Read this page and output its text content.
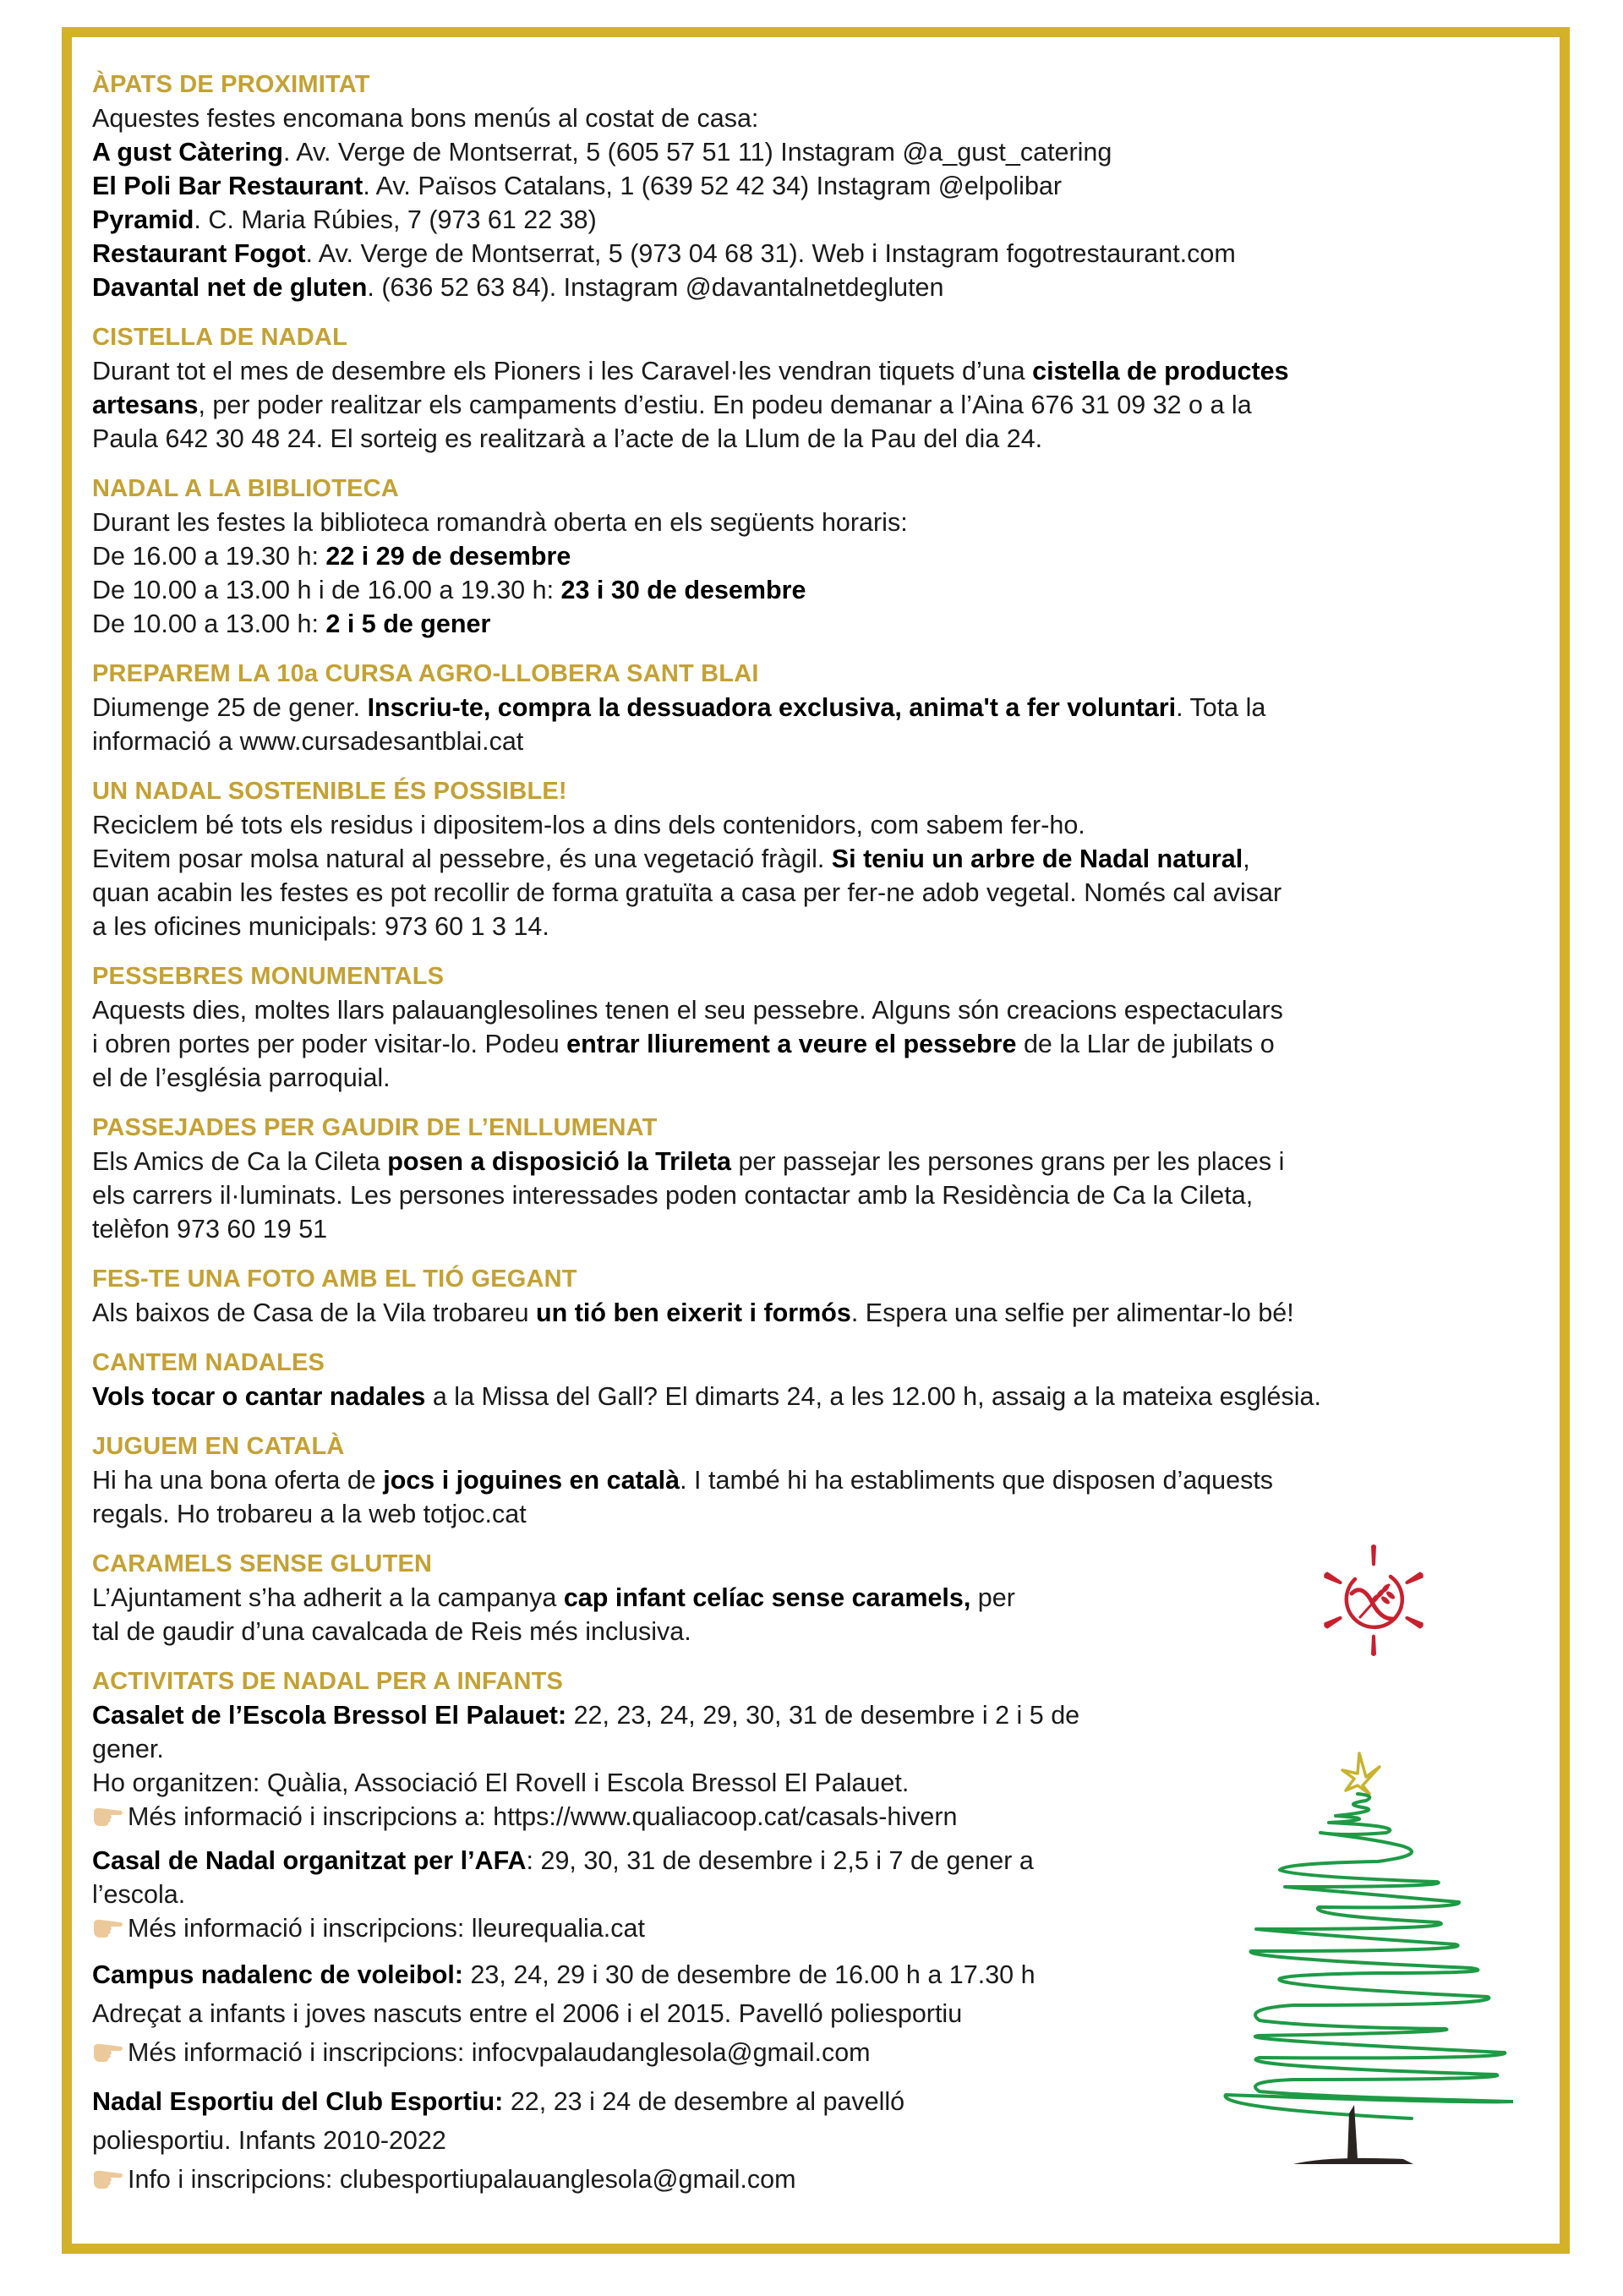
ÀPATS DE PROXIMITAT
Aquestes festes encomana bons menús al costat de casa:
A gust Càtering. Av. Verge de Montserrat, 5 (605 57 51 11) Instagram @a_gust_catering
El Poli Bar Restaurant. Av. Països Catalans, 1 (639 52 42 34) Instagram @elpolibar
Pyramid. C. Maria Rúbies, 7 (973 61 22 38)
Restaurant Fogot. Av. Verge de Montserrat, 5 (973 04 68 31). Web i Instagram fogotrestaurant.com
Davantal net de gluten. (636 52 63 84). Instagram @davantalnetdegluten
CISTELLA DE NADAL
Durant tot el mes de desembre els Pioners i les Caravel·les vendran tiquets d’una cistella de productes
artesans, per poder realitzar els campaments d’estiu. En podeu demanar a l’Aina 676 31 09 32 o a la
Paula 642 30 48 24. El sorteig es realitzarà a l’acte de la Llum de la Pau del dia 24.
NADAL A LA BIBLIOTECA
Durant les festes la biblioteca romandrà oberta en els següents horaris:
De 16.00 a 19.30 h: 22 i 29 de desembre
De 10.00 a 13.00 h i de 16.00 a 19.30 h: 23 i 30 de desembre
De 10.00 a 13.00 h: 2 i 5 de gener
PREPAREM LA 10a CURSA AGRO-LLOBERA SANT BLAI
Diumenge 25 de gener. Inscriu-te, compra la dessuadora exclusiva, anima't a fer voluntari. Tota la
informació a www.cursadesantblai.cat
UN NADAL SOSTENIBLE ÉS POSSIBLE!
Reciclem bé tots els residus i dipositem-los a dins dels contenidors, com sabem fer-ho.
Evitem posar molsa natural al pessebre, és una vegetació fràgil. Si teniu un arbre de Nadal natural,
quan acabin les festes es pot recollir de forma gratuïta a casa per fer-ne adob vegetal. Només cal avisar
a les oficines municipals: 973 60 1 3 14.
PESSEBRES MONUMENTALS
Aquests dies, moltes llars palauanglesolines tenen el seu pessebre. Alguns són creacions espectaculars
i obren portes per poder visitar-lo. Podeu entrar lliurement a veure el pessebre de la Llar de jubilats o
el de l’església parroquial.
PASSEJADES PER GAUDIR DE L’ENLLUMENAT
Els Amics de Ca la Cileta posen a disposició la Trileta per passejar les persones grans per les places i
els carrers il·luminats. Les persones interessades poden contactar amb la Residència de Ca la Cileta,
telèfon 973 60 19 51
FES-TE UNA FOTO AMB EL TIÓ GEGANT
Als baixos de Casa de la Vila trobareu un tió ben eixerit i formós. Espera una selfie per alimentar-lo bé!
CANTEM NADALES
Vols tocar o cantar nadales a la Missa del Gall? El dimarts 24, a les 12.00 h, assaig a la mateixa església.
JUGUEM EN CATALÀ
Hi ha una bona oferta de jocs i joguines en català. I també hi ha establiments que disposen d’aquests
regals. Ho trobareu a la web totjoc.cat
CARAMELS SENSE GLUTEN
L’Ajuntament s’ha adherit a la campanya cap infant celíac sense caramels, per
tal de gaudir d’una cavalcada de Reis més inclusiva.
ACTIVITATS DE NADAL PER A INFANTS
Casalet de l’Escola Bressol El Palauet: 22, 23, 24, 29, 30, 31 de desembre i 2 i 5 de
gener.
Ho organitzen: Quàlia, Associació El Rovell i Escola Bressol El Palauet.
Més informació i inscripcions a: https://www.qualiacoop.cat/casals-hivern
Casal de Nadal organitzat per l’AFA: 29, 30, 31 de desembre i 2,5 i 7 de gener a
l’escola.
Més informació i inscripcions: lleurequalia.cat
Campus nadalenc de voleibol: 23, 24, 29 i 30 de desembre de 16.00 h a 17.30 h
Adreçat a infants i joves nascuts entre el 2006 i el 2015. Pavelló poliesportiu
Més informació i inscripcions: infocvpalaudanglesola@gmail.com
Nadal Esportiu del Club Esportiu: 22, 23 i 24 de desembre al pavelló
poliesportiu. Infants 2010-2022
Info i inscripcions: clubesportiupalauanglesola@gmail.com
